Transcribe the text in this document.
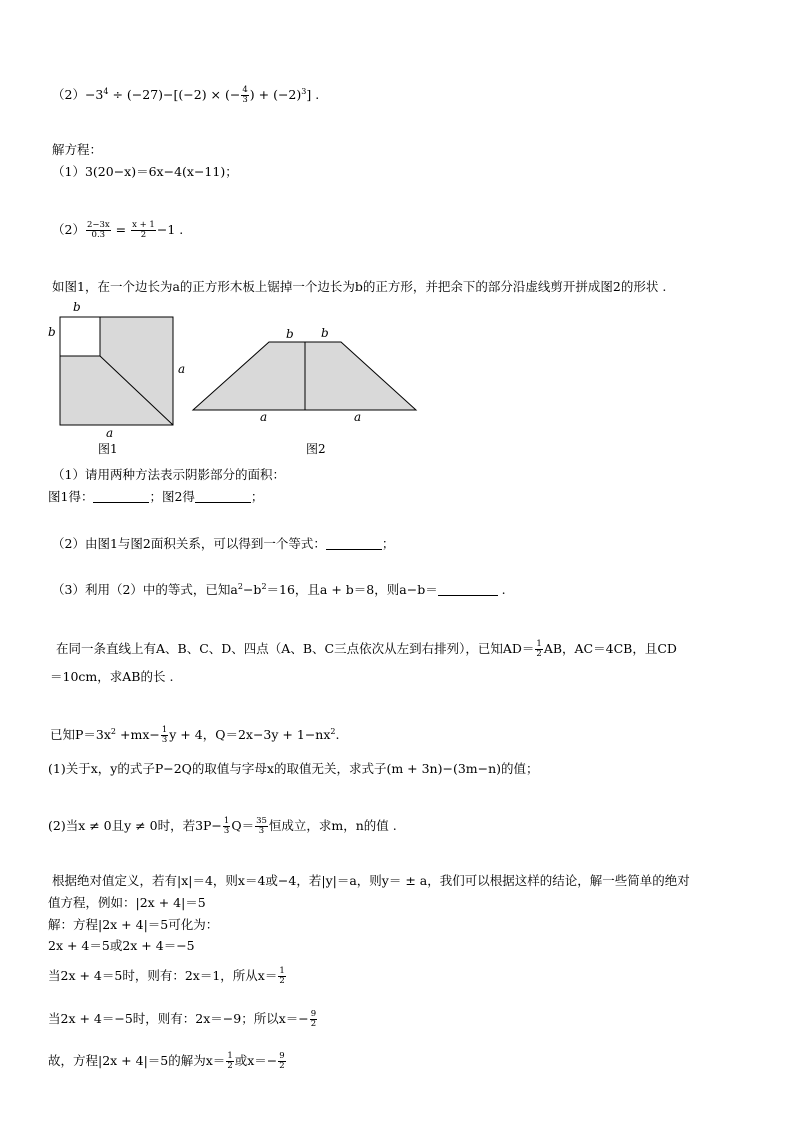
$(2)-3^4 \div (-27)-[(-2)$ × (− $\frac{4}{3}$ ) + $(-2)^3$] .
解方程：
（1）3(20−x)＝6x−4(x−11)；
$(2) \frac{2-3x}{0.3} = \frac{x + 1}{2} -1$ .
如图1，在一个边长为a的正方形木板上锯掉一个边长为b的正方形，并把余下的部分沿虚线剪开拼成图2的形状 .
b
b
a
a
图1
b b
a	a
图2
（1）请用两种方法表示阴影部分的面积：
图1得：	；图2得	；
（2）由图1与图2面积关系，可以得到一个等式：	；
（3）利用（2）中的等式，已知$a^2-b^2=16$，且a + b＝8，则a−b＝	.
在同一条直线上有A、B、C、D、四点（A、B、C三点依次从左到右排列），已知$AD= \frac{1}{2}$ AB，AC＝4CB，且CD
＝10cm，求AB的长 .
已知$P=3x^2 +mx- \frac{1}{3}$ y + 4，$Q=2x-3y + 1-nx^2$.
(1)关于x，y的式子P−2Q的取值与字母x的取值无关，求式子(m + 3n)−(3m−n)的值；
(2)当x ≠ 0且y ≠ 0时，若$3P- \frac{1}{3} Q= \frac{35}{3}$ 恒成立，求m，n的值 .
根据绝对值定义，若有|x|＝4，则x＝4或−4，若|y|＝a，则y＝ ± a，我们可以根据这样的结论，解一些简单的绝对
值方程，例如：|2x + 4|＝5
解：方程|2x + 4|＝5可化为：
2x + 4＝5或2x + 4＝−5
当2x + 4＝5时，则有：2x＝1，所从$x= \frac{1}{2}$
当2x + 4＝−5时，则有：2x＝−9；所以$x=- \frac{9}{2}$
故，方程|2x + 4|＝5的解为$x= \frac{1}{2}$ 或$x=- \frac{9}{2}$
